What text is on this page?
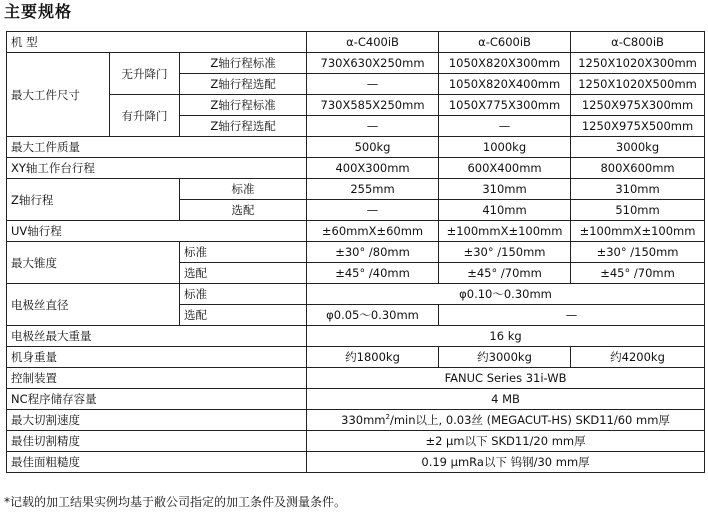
主要规格
机 型			α-C400iB	α-C600iB	α-C800iB
最大工件尺寸	无升降门	Z轴行程标准	730X630X250mm	1050X820X300mm	1250X1020X300mm
		Z轴行程选配	—	1050X820X400mm	1250X1020X500mm
	有升降门	Z轴行程标准	730X585X250mm	1050X775X300mm	1250X975X300mm
		Z轴行程选配	—	—	1250X975X500mm
最大工件质量			500kg	1000kg	3000kg
XY轴工作台行程			400X300mm	600X400mm	800X600mm
Z轴行程		标准	255mm	310mm	310mm
		选配	—	410mm	510mm
UV轴行程			±60mmX±60mm	±100mmX±100mm	±100mmX±100mm
最大锥度		标准	±30° /80mm	±30° /150mm	±30° /150mm
		选配	±45° /40mm	±45° /70mm	±45° /70mm
电极丝直径		标准	φ0.10～0.30mm		
		选配	φ0.05～0.30mm	—	
电极丝最大重量			16 kg		
机身重量			约1800kg	约3000kg	约4200kg
控制装置			FANUC Series 31i-WB		
NC程序储存容量			4 MB		
最大切割速度			$330mm^2/\min$以上, 0.03丝 (MEGACUT-HS) SKD11/60 mm厚		
最佳切割精度			±2 μm以下 SKD11/20 mm厚		
最佳面粗糙度			0.19 μmRa以下 钨钢/30 mm厚		
*记载的加工结果实例均基于敝公司指定的加工条件及测量条件。
